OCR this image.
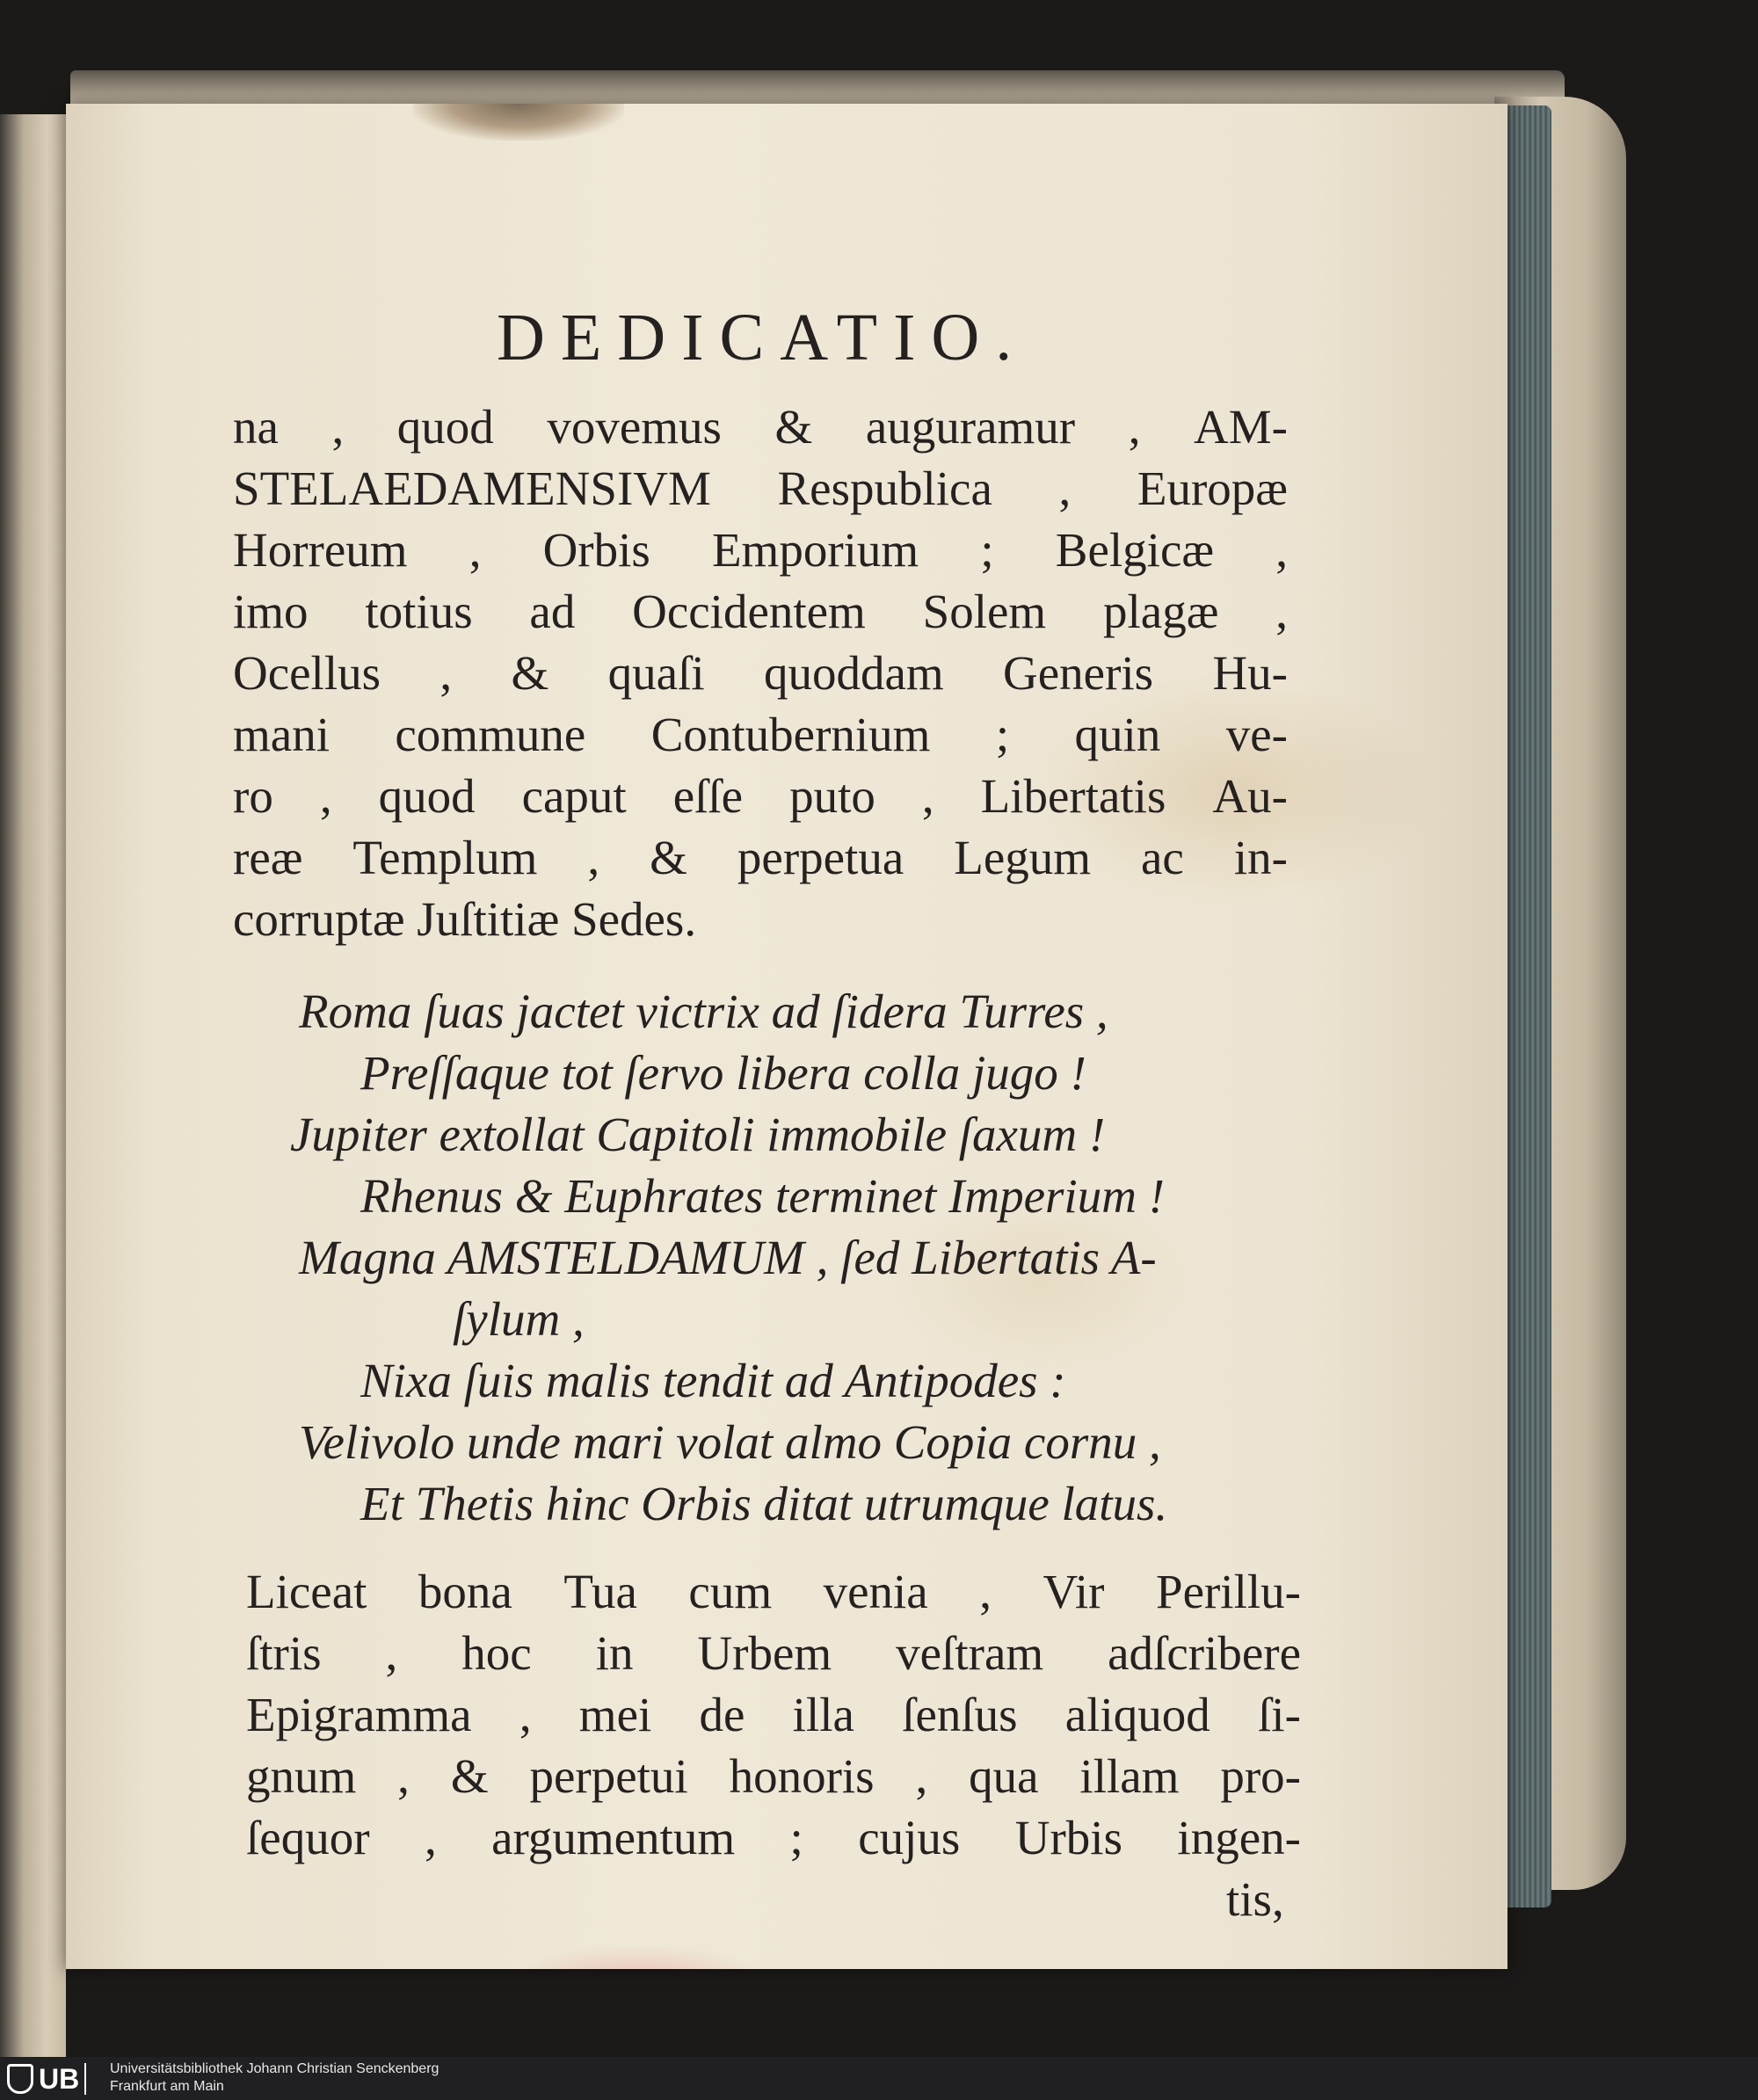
DEDICATIO.
na , quod vovemus & auguramur , AM-
STELAEDAMENSIVM Respublica , Europæ
Horreum , Orbis Emporium ; Belgicæ ,
imo totius ad Occidentem Solem plagæ ,
Ocellus , & quaſi quoddam Generis Hu-
mani commune Contubernium ; quin ve-
ro , quod caput eſſe puto , Libertatis Au-
reæ Templum , & perpetua Legum ac in-
corruptæ Juſtitiæ Sedes.
Roma ſuas jactet victrix ad ſidera Turres ,
Preſſaque tot ſervo libera colla jugo !
Jupiter extollat Capitoli immobile ſaxum !
Rhenus & Euphrates terminet Imperium !
Magna AMSTELDAMUM , ſed Libertatis A-
ſylum ,
Nixa ſuis malis tendit ad Antipodes :
Velivolo unde mari volat almo Copia cornu ,
Et Thetis hinc Orbis ditat utrumque latus.
Liceat bona Tua cum venia , Vir Perillu-
ſtris , hoc in Urbem veſtram adſcribere
Epigramma , mei de illa ſenſus aliquod ſi-
gnum , & perpetui honoris , qua illam pro-
ſequor , argumentum ; cujus Urbis ingen-
tis,
UB Universitätsbibliothek Johann Christian Senckenberg
Frankfurt am Main
